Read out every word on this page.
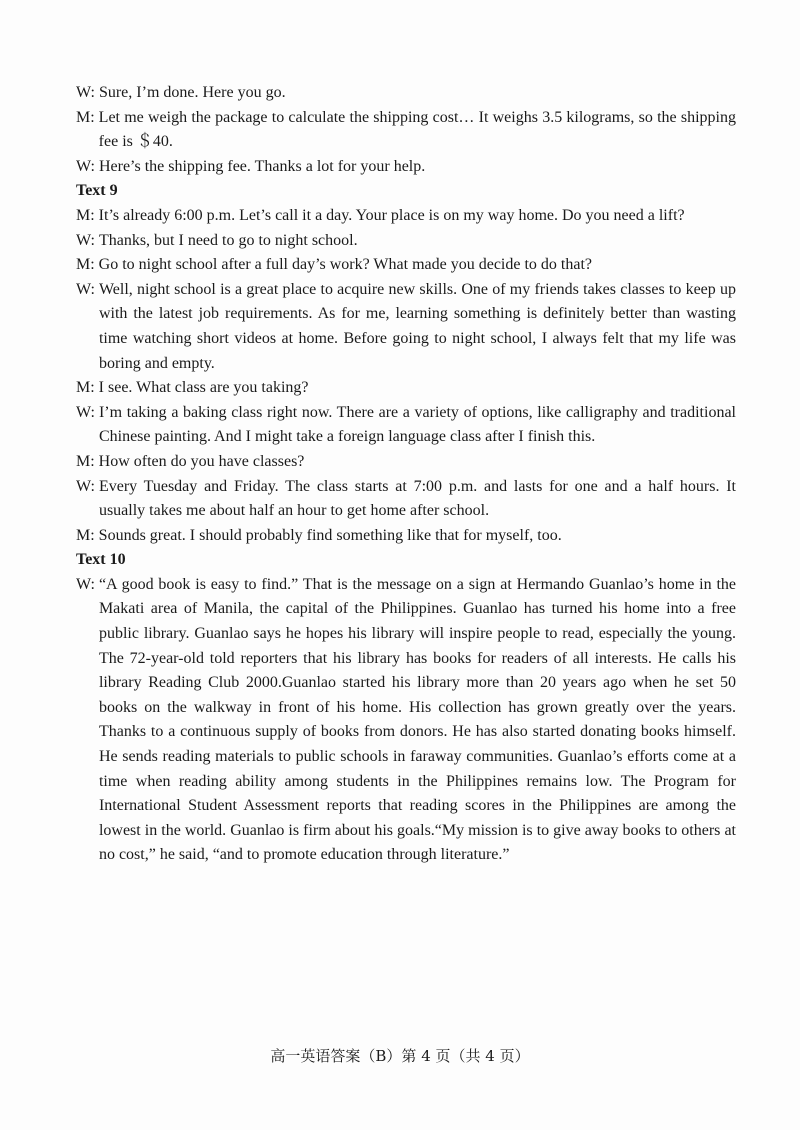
W: Sure, I’m done. Here you go.
M: Let me weigh the package to calculate the shipping cost… It weighs 3.5 kilograms, so the shipping fee is ＄40.
W: Here’s the shipping fee. Thanks a lot for your help.
Text 9
M: It’s already 6:00 p.m. Let’s call it a day. Your place is on my way home. Do you need a lift?
W: Thanks, but I need to go to night school.
M: Go to night school after a full day’s work? What made you decide to do that?
W: Well, night school is a great place to acquire new skills. One of my friends takes classes to keep up with the latest job requirements. As for me, learning something is definitely better than wasting time watching short videos at home. Before going to night school, I always felt that my life was boring and empty.
M: I see. What class are you taking?
W: I’m taking a baking class right now. There are a variety of options, like calligraphy and traditional Chinese painting. And I might take a foreign language class after I finish this.
M: How often do you have classes?
W: Every Tuesday and Friday. The class starts at 7:00 p.m. and lasts for one and a half hours. It usually takes me about half an hour to get home after school.
M: Sounds great. I should probably find something like that for myself, too.
Text 10
W: “A good book is easy to find.” That is the message on a sign at Hermando Guanlao’s home in the Makati area of Manila, the capital of the Philippines. Guanlao has turned his home into a free public library. Guanlao says he hopes his library will inspire people to read, especially the young. The 72-year-old told reporters that his library has books for readers of all interests. He calls his library Reading Club 2000.Guanlao started his library more than 20 years ago when he set 50 books on the walkway in front of his home. His collection has grown greatly over the years. Thanks to a continuous supply of books from donors. He has also started donating books himself. He sends reading materials to public schools in faraway communities. Guanlao’s efforts come at a time when reading ability among students in the Philippines remains low. The Program for International Student Assessment reports that reading scores in the Philippines are among the lowest in the world. Guanlao is firm about his goals.“My mission is to give away books to others at no cost,” he said, “and to promote education through literature.”
高一英语答案（B）第 4 页（共 4 页）
